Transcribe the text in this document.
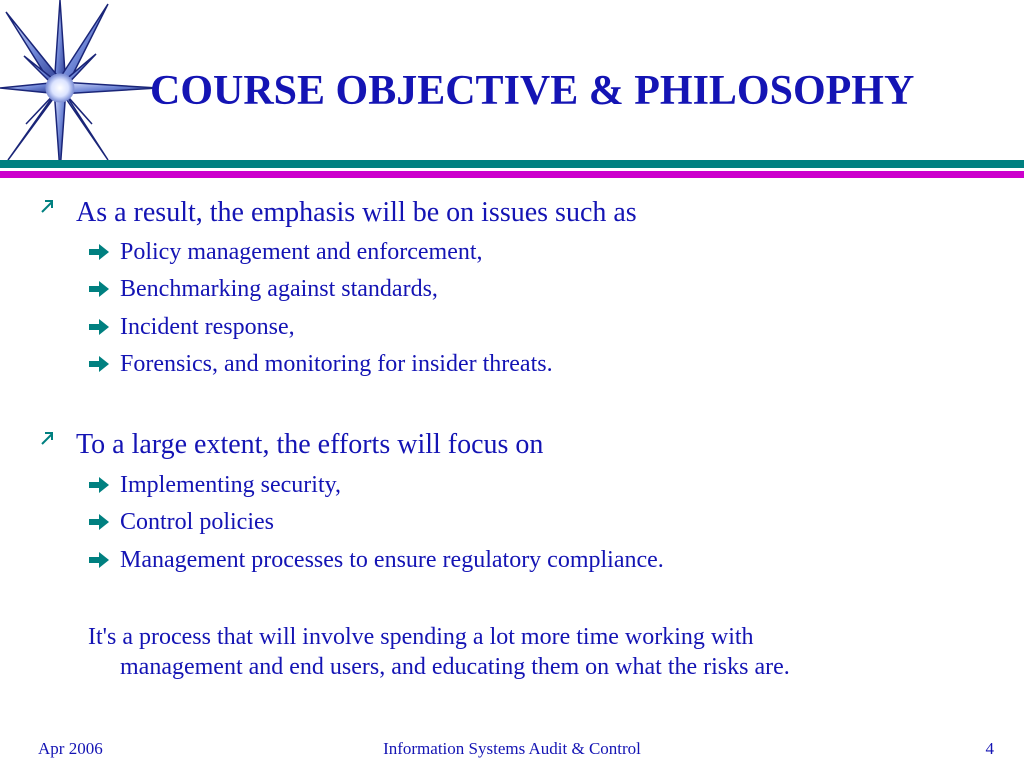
COURSE OBJECTIVE & PHILOSOPHY
As a result, the emphasis will be on issues such as
Policy management and enforcement,
Benchmarking against standards,
Incident response,
Forensics, and monitoring for insider threats.
To a large extent, the efforts will focus on
Implementing security,
Control policies
Management processes to ensure regulatory compliance.
It's a process that will involve spending a lot more time working with
management and end users, and educating them on what the risks are.
Apr 2006	Information Systems Audit & Control	4
